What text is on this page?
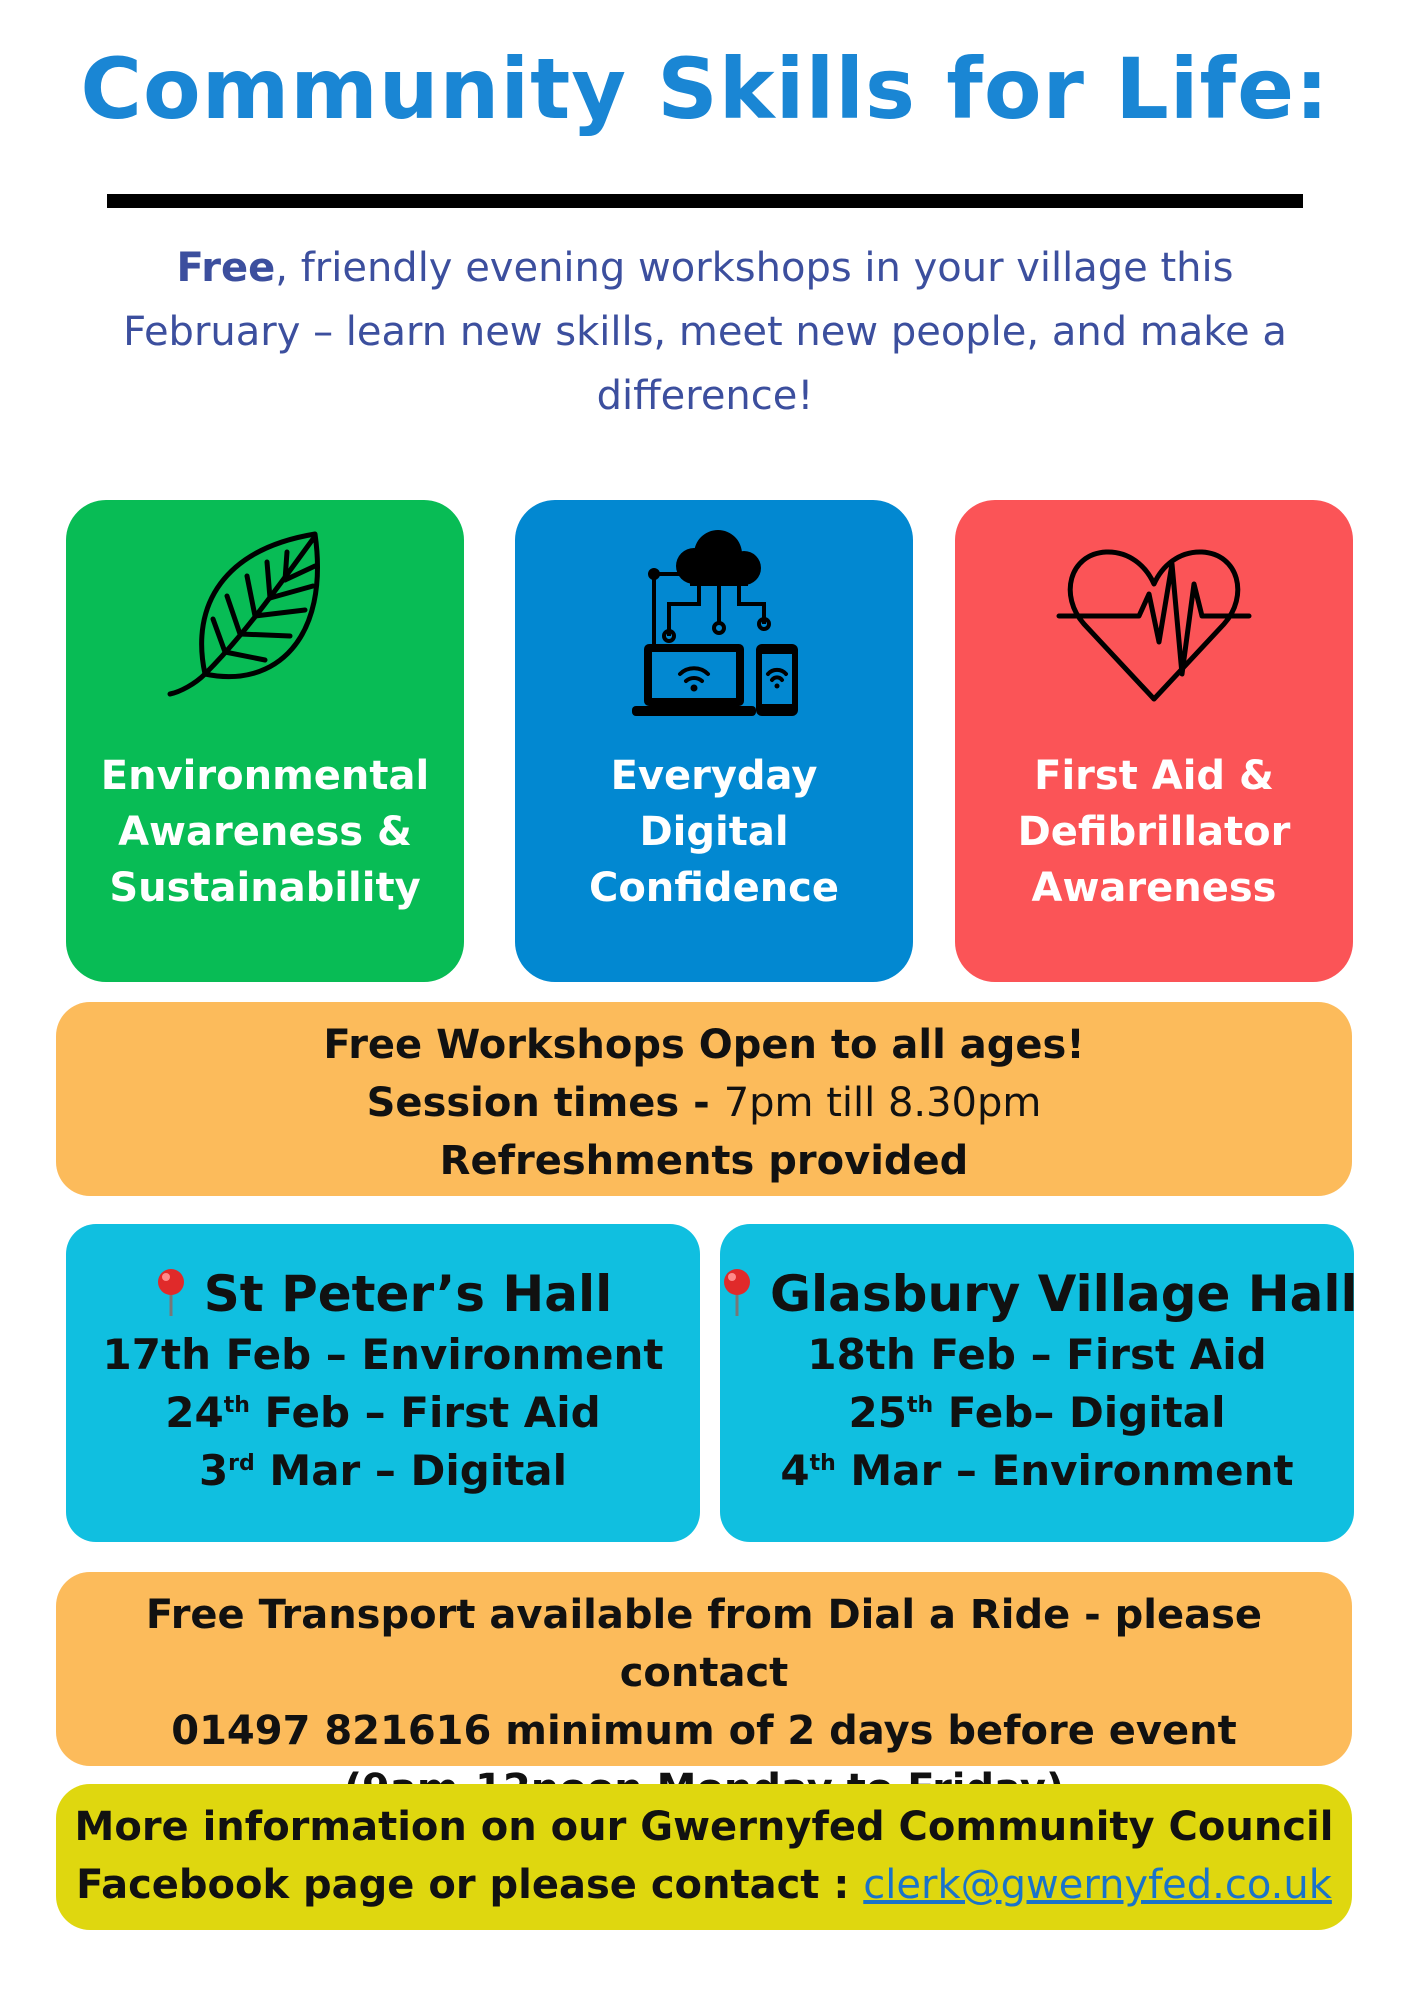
Community Skills for Life:
Free, friendly evening workshops in your village this February – learn new skills, meet new people, and make a difference!
Environmental
Awareness &
Sustainability
Everyday
Digital
Confidence
First Aid &
Defibrillator
Awareness
Free Workshops Open to all ages!
Session times - 7pm till 8.30pm
Refreshments provided
St Peter’s Hall
17th Feb – Environment
24th Feb – First Aid
3rd Mar – Digital
Glasbury Village Hall
18th Feb – First Aid
25th Feb– Digital
4th Mar – Environment
Free Transport available from Dial a Ride - please contact
01497 821616 minimum of 2 days before event
More information on our Gwernyfed Community Council
Facebook page or please contact : clerk@gwernyfed.co.uk
